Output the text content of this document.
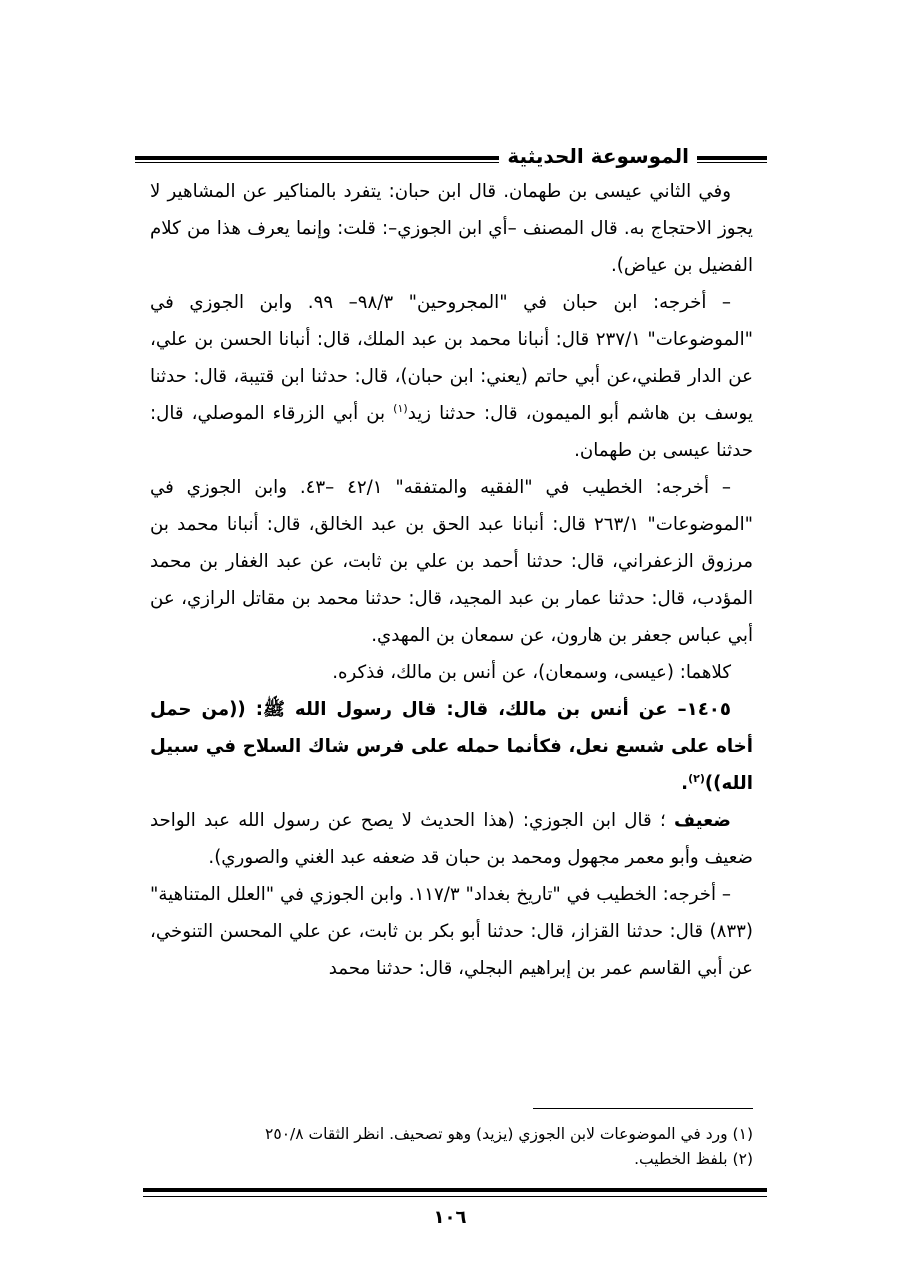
الموسوعة الحديثية

وفي الثاني عيسى بن طهمان. قال ابن حبان: يتفرد بالمناكير عن المشاهير لا يجوز الاحتجاج به. قال المصنف –أي ابن الجوزي–: قلت: وإنما يعرف هذا من كلام الفضيل بن عياض).

– أخرجه: ابن حبان في "المجروحين" ٩٨/٣– ٩٩. وابن الجوزي في "الموضوعات" ٢٣٧/١ قال: أنبانا محمد بن عبد الملك، قال: أنبانا الحسن بن علي، عن الدار قطني،عن أبي حاتم (يعني: ابن حبان)، قال: حدثنا ابن قتيبة، قال: حدثنا يوسف بن هاشم أبو الميمون، قال: حدثنا زيد$^{(١)}$ بن أبي الزرقاء الموصلي، قال: حدثنا عيسى بن طهمان.

– أخرجه: الخطيب في "الفقيه والمتفقه" ٤٢/١ –٤٣. وابن الجوزي في "الموضوعات" ٢٦٣/١ قال: أنبانا عبد الحق بن عبد الخالق، قال: أنبانا محمد بن مرزوق الزعفراني، قال: حدثنا أحمد بن علي بن ثابت، عن عبد الغفار بن محمد المؤدب، قال: حدثنا عمار بن عبد المجيد، قال: حدثنا محمد بن مقاتل الرازي، عن أبي عباس جعفر بن هارون، عن سمعان بن المهدي.

كلاهما: (عيسى، وسمعان)، عن أنس بن مالك، فذكره.

١٤٠٥– عن أنس بن مالك، قال: قال رسول الله ﷺ: ((من حمل أخاه على شسع نعل، فكأنما حمله على فرس شاك السلاح في سبيل الله))$^{(٢)}$.

ضعيف ؛ قال ابن الجوزي: (هذا الحديث لا يصح عن رسول الله عبد الواحد ضعيف وأبو معمر مجهول ومحمد بن حبان قد ضعفه عبد الغني والصوري).

– أخرجه: الخطيب في "تاريخ بغداد" ١١٧/٣. وابن الجوزي في "العلل المتناهية" (٨٣٣) قال: حدثنا القزاز، قال: حدثنا أبو بكر بن ثابت، عن علي المحسن التنوخي، عن أبي القاسم عمر بن إبراهيم البجلي، قال: حدثنا محمد

(١) ورد في الموضوعات لابن الجوزي (يزيد) وهو تصحيف. انظر الثقات ٢٥٠/٨

(٢) بلفظ الخطيب.

١٠٦
